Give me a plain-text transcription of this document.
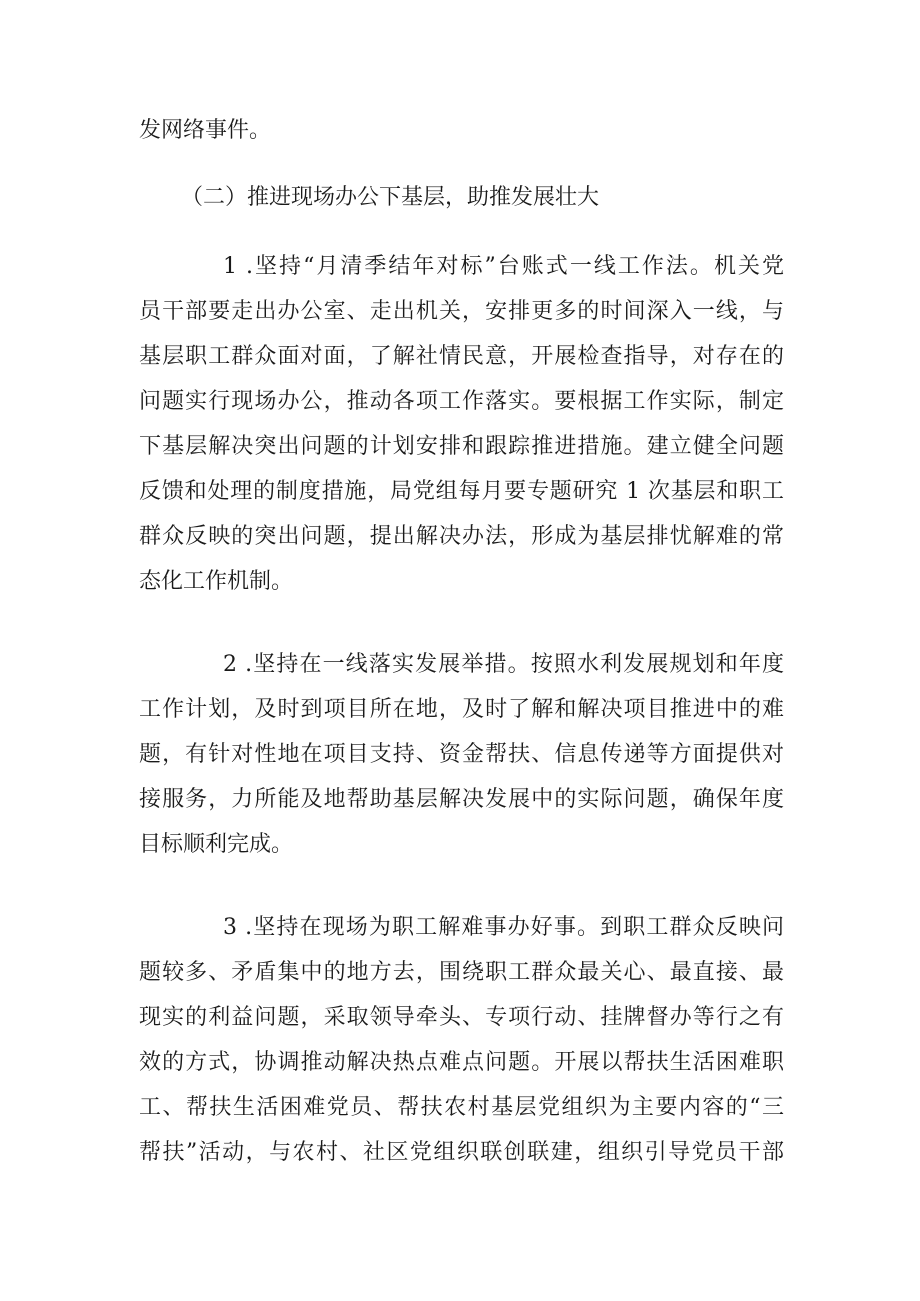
发网络事件。

（二）推进现场办公下基层，助推发展壮大

1 .坚持“月清季结年对标”台账式一线工作法。机关党

员干部要走出办公室、走出机关，安排更多的时间深入一线，与

基层职工群众面对面，了解社情民意，开展检查指导，对存在的

问题实行现场办公，推动各项工作落实。要根据工作实际，制定

下基层解决突出问题的计划安排和跟踪推进措施。建立健全问题

反馈和处理的制度措施，局党组每月要专题研究 1 次基层和职工

群众反映的突出问题，提出解决办法，形成为基层排忧解难的常

态化工作机制。

2 .坚持在一线落实发展举措。按照水利发展规划和年度

工作计划，及时到项目所在地，及时了解和解决项目推进中的难

题，有针对性地在项目支持、资金帮扶、信息传递等方面提供对

接服务，力所能及地帮助基层解决发展中的实际问题，确保年度

目标顺利完成。

3 .坚持在现场为职工解难事办好事。到职工群众反映问

题较多、矛盾集中的地方去，围绕职工群众最关心、最直接、最

现实的利益问题，采取领导牵头、专项行动、挂牌督办等行之有

效的方式，协调推动解决热点难点问题。开展以帮扶生活困难职

工、帮扶生活困难党员、帮扶农村基层党组织为主要内容的“三

帮扶”活动，与农村、社区党组织联创联建，组织引导党员干部
